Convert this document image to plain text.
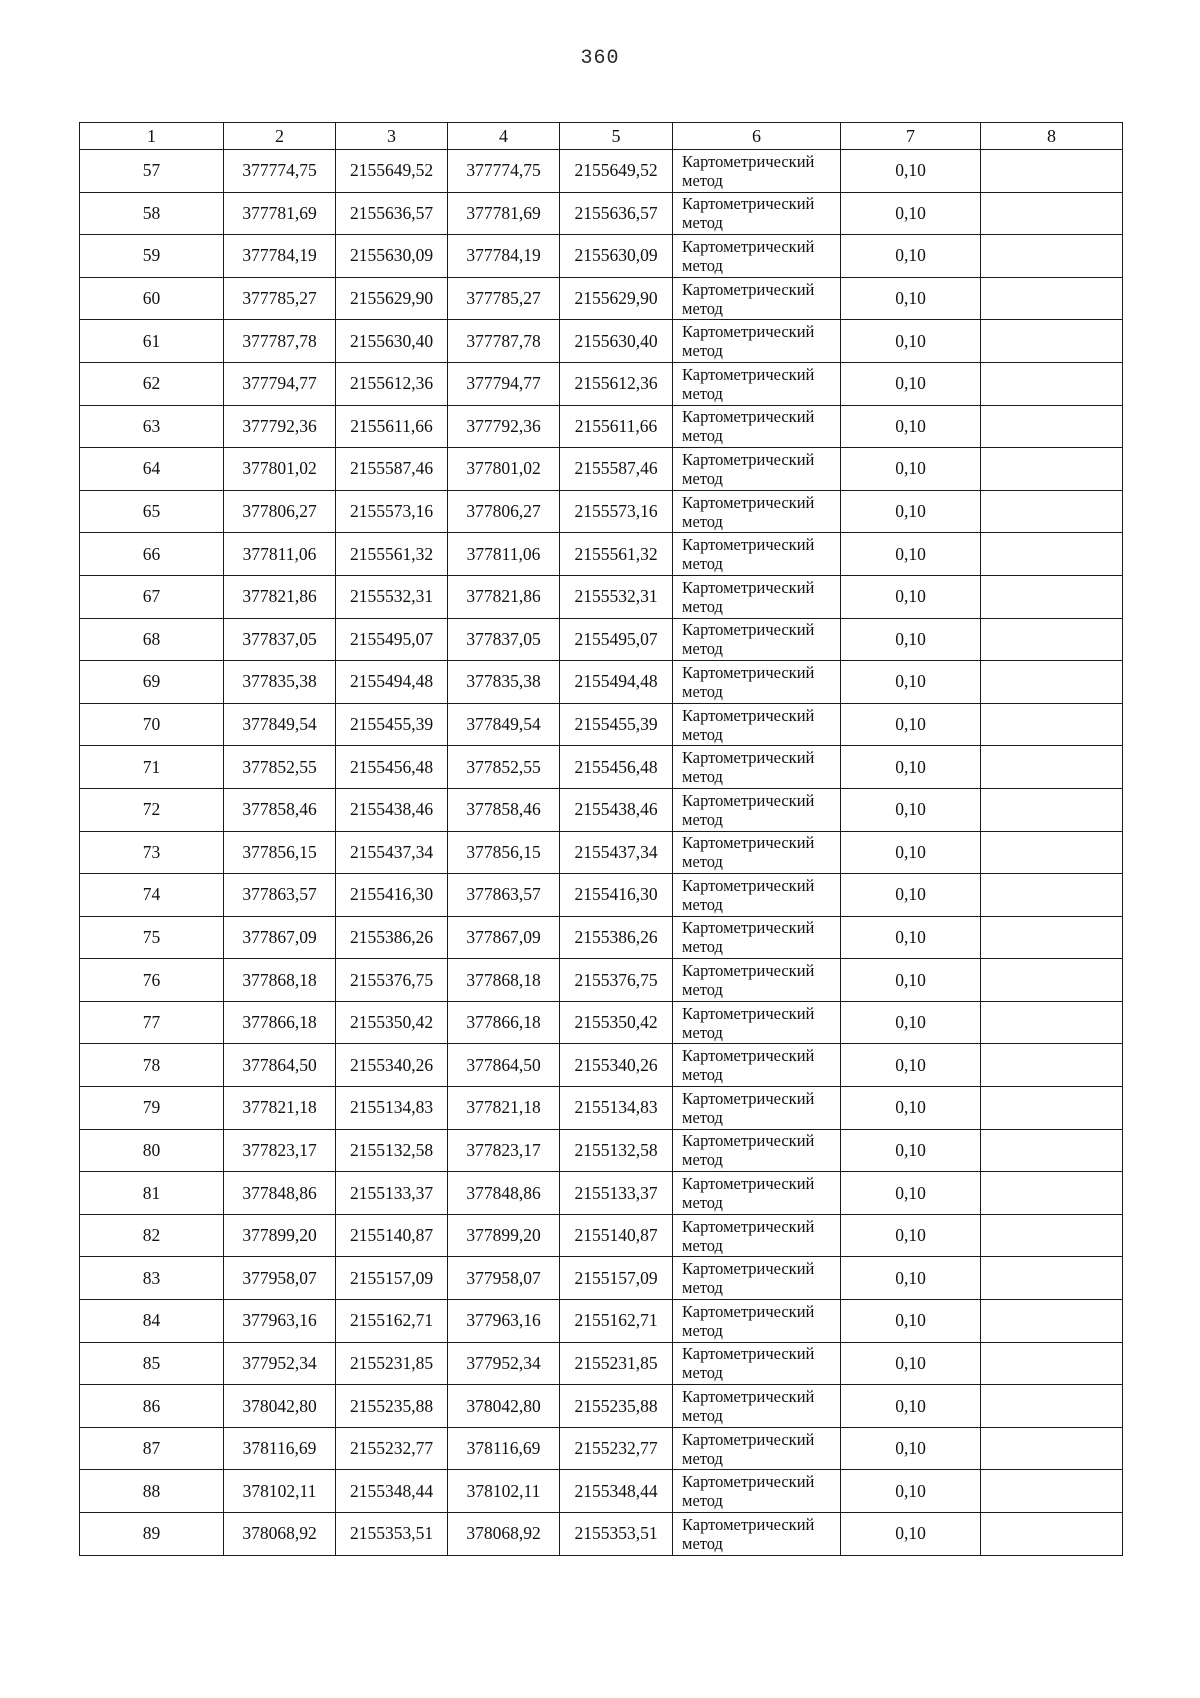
360
1	2	3	4	5	6	7	8
57	377774,75	2155649,52	377774,75	2155649,52	Картометрический метод	0,10	
58	377781,69	2155636,57	377781,69	2155636,57	Картометрический метод	0,10	
59	377784,19	2155630,09	377784,19	2155630,09	Картометрический метод	0,10	
60	377785,27	2155629,90	377785,27	2155629,90	Картометрический метод	0,10	
61	377787,78	2155630,40	377787,78	2155630,40	Картометрический метод	0,10	
62	377794,77	2155612,36	377794,77	2155612,36	Картометрический метод	0,10	
63	377792,36	2155611,66	377792,36	2155611,66	Картометрический метод	0,10	
64	377801,02	2155587,46	377801,02	2155587,46	Картометрический метод	0,10	
65	377806,27	2155573,16	377806,27	2155573,16	Картометрический метод	0,10	
66	377811,06	2155561,32	377811,06	2155561,32	Картометрический метод	0,10	
67	377821,86	2155532,31	377821,86	2155532,31	Картометрический метод	0,10	
68	377837,05	2155495,07	377837,05	2155495,07	Картометрический метод	0,10	
69	377835,38	2155494,48	377835,38	2155494,48	Картометрический метод	0,10	
70	377849,54	2155455,39	377849,54	2155455,39	Картометрический метод	0,10	
71	377852,55	2155456,48	377852,55	2155456,48	Картометрический метод	0,10	
72	377858,46	2155438,46	377858,46	2155438,46	Картометрический метод	0,10	
73	377856,15	2155437,34	377856,15	2155437,34	Картометрический метод	0,10	
74	377863,57	2155416,30	377863,57	2155416,30	Картометрический метод	0,10	
75	377867,09	2155386,26	377867,09	2155386,26	Картометрический метод	0,10	
76	377868,18	2155376,75	377868,18	2155376,75	Картометрический метод	0,10	
77	377866,18	2155350,42	377866,18	2155350,42	Картометрический метод	0,10	
78	377864,50	2155340,26	377864,50	2155340,26	Картометрический метод	0,10	
79	377821,18	2155134,83	377821,18	2155134,83	Картометрический метод	0,10	
80	377823,17	2155132,58	377823,17	2155132,58	Картометрический метод	0,10	
81	377848,86	2155133,37	377848,86	2155133,37	Картометрический метод	0,10	
82	377899,20	2155140,87	377899,20	2155140,87	Картометрический метод	0,10	
83	377958,07	2155157,09	377958,07	2155157,09	Картометрический метод	0,10	
84	377963,16	2155162,71	377963,16	2155162,71	Картометрический метод	0,10	
85	377952,34	2155231,85	377952,34	2155231,85	Картометрический метод	0,10	
86	378042,80	2155235,88	378042,80	2155235,88	Картометрический метод	0,10	
87	378116,69	2155232,77	378116,69	2155232,77	Картометрический метод	0,10	
88	378102,11	2155348,44	378102,11	2155348,44	Картометрический метод	0,10	
89	378068,92	2155353,51	378068,92	2155353,51	Картометрический метод	0,10	
